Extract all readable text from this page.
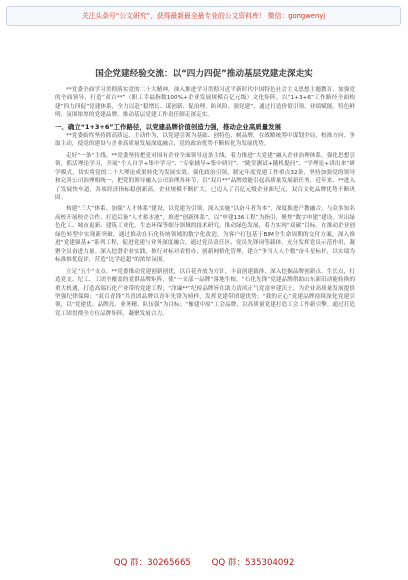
关注头条号“公文研究”，获得最新最全最专业的公文资料库！ 微信：gongwenyj
国企党建经验交流：以“四力四促”推动基层党建走深走实

**党委全面学习贯彻落实党的二十大精神，深入推进学习贯彻习近平新时代中国特色社会主义思想主题教育，加强党的全面领导，打造“双百**”（职工幸福指数100%+企业发展规模百亿元级）文化矩阵，以“1+3+6”工作路径全面构建“四力四促”党建体系，全力以赴“稳增长、谋创新、促治理、防风险、强党建”，通过打造价值引领、业绩赋能、特色鲜明、氛围浓厚的党建品牌，推动基层党建工作责任制走深走实。

一、确立“1+3+6”工作路径，以党建品牌价值创造力强，推动企业高质量发展

**党委始终坚持抓高质运、主动作为，以党建引领为基础、创特色、树品牌，在战略统筹中谋划全局，校准方向、争取主动，使党的建设与企业高质量发展深度融合，党的政治优势不断转化为发展优势。

走好“一条”主线。**党委坚持把党对国有企业全面领导这条主线，着力推进“大党建”融入企业治理体系，强化思想引领，抓活理论学习，开展“个人自学+集中学习”、“专家辅导+集中研讨”、“随堂测试+随机提问”、“学理论+讲出来”研学模式，切实将党的二十大理论成果转化为发展实效。强化政治引领，制定年度党建工作重点32条，坚持加强党的领导和完善公司治理相统一，把党的领导融入公司治理各环节，以“双百**”品牌效能引起高质量发展新任务，近年来，**进入了发展快车道，各项经济指标稳创新高，企业规模不断扩大，已迈入了百亿元级企业新纪元，双百文化品牌优势不断巩固。

构建“三大”体系。加强“人才体系”建设，以党建为引领，深入实施“以奋斗者为本”，深度推进产教融合，与众多知名高校开展校企合作，打造后备“人才蓄水池”，推进“创新体系”，以“申建136工程”为指引，聚焦“数字申建”建设，突出绿色化工、城市更新、建筑工业化、生态环保等细分领域的技术研究，推动绿色发展，着力实现“双碳”目标。在推动企业创绿色转型中实现新突破。通过推动在石化传统领域的数字化改造，为客户打包基于BIM全生命周期的交付方案，深入推进“党建强基+”系列工程，促进党建与业务深度融合，通过党员责任区、党员先锋岗等载体，充分发挥党员示范作用，凝聚全员奋进力量。深入挖潜企业实践，推行对标对表督办，创新网格化管理，建立“争当人人个数”奋斗星标杆，以实绩为标准推优促评，营造“比学赶超”的浓厚氛围。

立足“五个”支点。**党委推动党建创新创优，以百花齐放为方针，丰富创建载体，深入挖掘品牌创新点、生长点，打造党支、纪工、工团全覆盖的党群品牌矩阵，使“一支部一品牌”落地生根。“石化先锋”党建品牌借助山东新旧动能转换的重大机遇，打造高端石化产业带的党建工程；“津廉**”纪检品牌旨在助力清风正气党富申建沃土，为企业高质量发展提供坚强纪律保障；“双百青锋”共青团品牌以青年先锋为榜样，发挥党建带团建优势；“我的正心”党建品牌持续深化党建引领，以“党建优、品牌亮、业务精、队伍强”为目标；“豫建中原”工会品牌，以高质量党建打造工会工作新引擎。通过打造党工团贯彻全方位品牌矩阵，凝聚发展合力。

QQ 群：30265665 QQ 群：535304092
